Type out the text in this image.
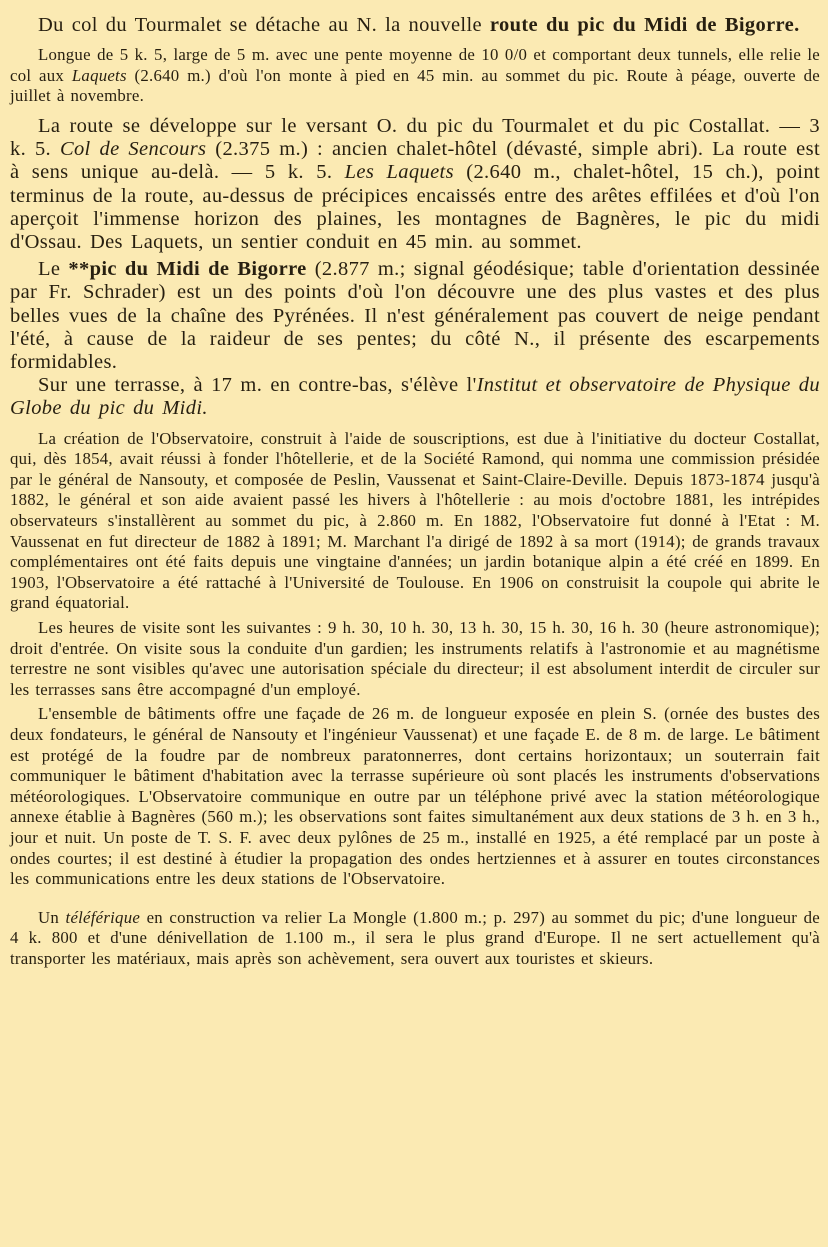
Du col du Tourmalet se détache au N. la nouvelle route du pic du Midi de Bigorre.

Longue de 5 k. 5, large de 5 m. avec une pente moyenne de 10 0/0 et comportant deux tunnels, elle relie le col aux Laquets (2.640 m.) d'où l'on monte à pied en 45 min. au sommet du pic. Route à péage, ouverte de juillet à novembre.

La route se développe sur le versant O. du pic du Tourmalet et du pic Costallat. — 3 k. 5. Col de Sencours (2.375 m.) : ancien chalet-hôtel (dévasté, simple abri). La route est à sens unique au-delà. — 5 k. 5. Les Laquets (2.640 m., chalet-hôtel, 15 ch.), point terminus de la route, au-dessus de précipices encaissés entre des arêtes effilées et d'où l'on aperçoit l'immense horizon des plaines, les montagnes de Bagnères, le pic du midi d'Ossau. Des Laquets, un sentier conduit en 45 min. au sommet.

Le **pic du Midi de Bigorre (2.877 m.; signal géodésique; table d'orientation dessinée par Fr. Schrader) est un des points d'où l'on découvre une des plus vastes et des plus belles vues de la chaîne des Pyrénées. Il n'est généralement pas couvert de neige pendant l'été, à cause de la raideur de ses pentes; du côté N., il présente des escarpements formidables.

Sur une terrasse, à 17 m. en contre-bas, s'élève l'Institut et observatoire de Physique du Globe du pic du Midi.

La création de l'Observatoire, construit à l'aide de souscriptions, est due à l'initiative du docteur Costallat, qui, dès 1854, avait réussi à fonder l'hôtellerie, et de la Société Ramond, qui nomma une commission présidée par le général de Nansouty, et composée de Peslin, Vaussenat et Saint-Claire-Deville. Depuis 1873-1874 jusqu'à 1882, le général et son aide avaient passé les hivers à l'hôtellerie : au mois d'octobre 1881, les intrépides observateurs s'installèrent au sommet du pic, à 2.860 m. En 1882, l'Observatoire fut donné à l'Etat : M. Vaussenat en fut directeur de 1882 à 1891; M. Marchant l'a dirigé de 1892 à sa mort (1914); de grands travaux complémentaires ont été faits depuis une vingtaine d'années; un jardin botanique alpin a été créé en 1899. En 1903, l'Observatoire a été rattaché à l'Université de Toulouse. En 1906 on construisit la coupole qui abrite le grand équatorial.

Les heures de visite sont les suivantes : 9 h. 30, 10 h. 30, 13 h. 30, 15 h. 30, 16 h. 30 (heure astronomique); droit d'entrée. On visite sous la conduite d'un gardien; les instruments relatifs à l'astronomie et au magnétisme terrestre ne sont visibles qu'avec une autorisation spéciale du directeur; il est absolument interdit de circuler sur les terrasses sans être accompagné d'un employé.

L'ensemble de bâtiments offre une façade de 26 m. de longueur exposée en plein S. (ornée des bustes des deux fondateurs, le général de Nansouty et l'ingénieur Vaussenat) et une façade E. de 8 m. de large. Le bâtiment est protégé de la foudre par de nombreux paratonnerres, dont certains horizontaux; un souterrain fait communiquer le bâtiment d'habitation avec la terrasse supérieure où sont placés les instruments d'observations météorologiques. L'Observatoire communique en outre par un téléphone privé avec la station météorologique annexe établie à Bagnères (560 m.); les observations sont faites simultanément aux deux stations de 3 h. en 3 h., jour et nuit. Un poste de T. S. F. avec deux pylônes de 25 m., installé en 1925, a été remplacé par un poste à ondes courtes; il est destiné à étudier la propagation des ondes hertziennes et à assurer en toutes circonstances les communications entre les deux stations de l'Observatoire.

Un téléférique en construction va relier La Mongle (1.800 m.; p. 297) au sommet du pic; d'une longueur de 4 k. 800 et d'une dénivellation de 1.100 m., il sera le plus grand d'Europe. Il ne sert actuellement qu'à transporter les matériaux, mais après son achèvement, sera ouvert aux touristes et skieurs.
